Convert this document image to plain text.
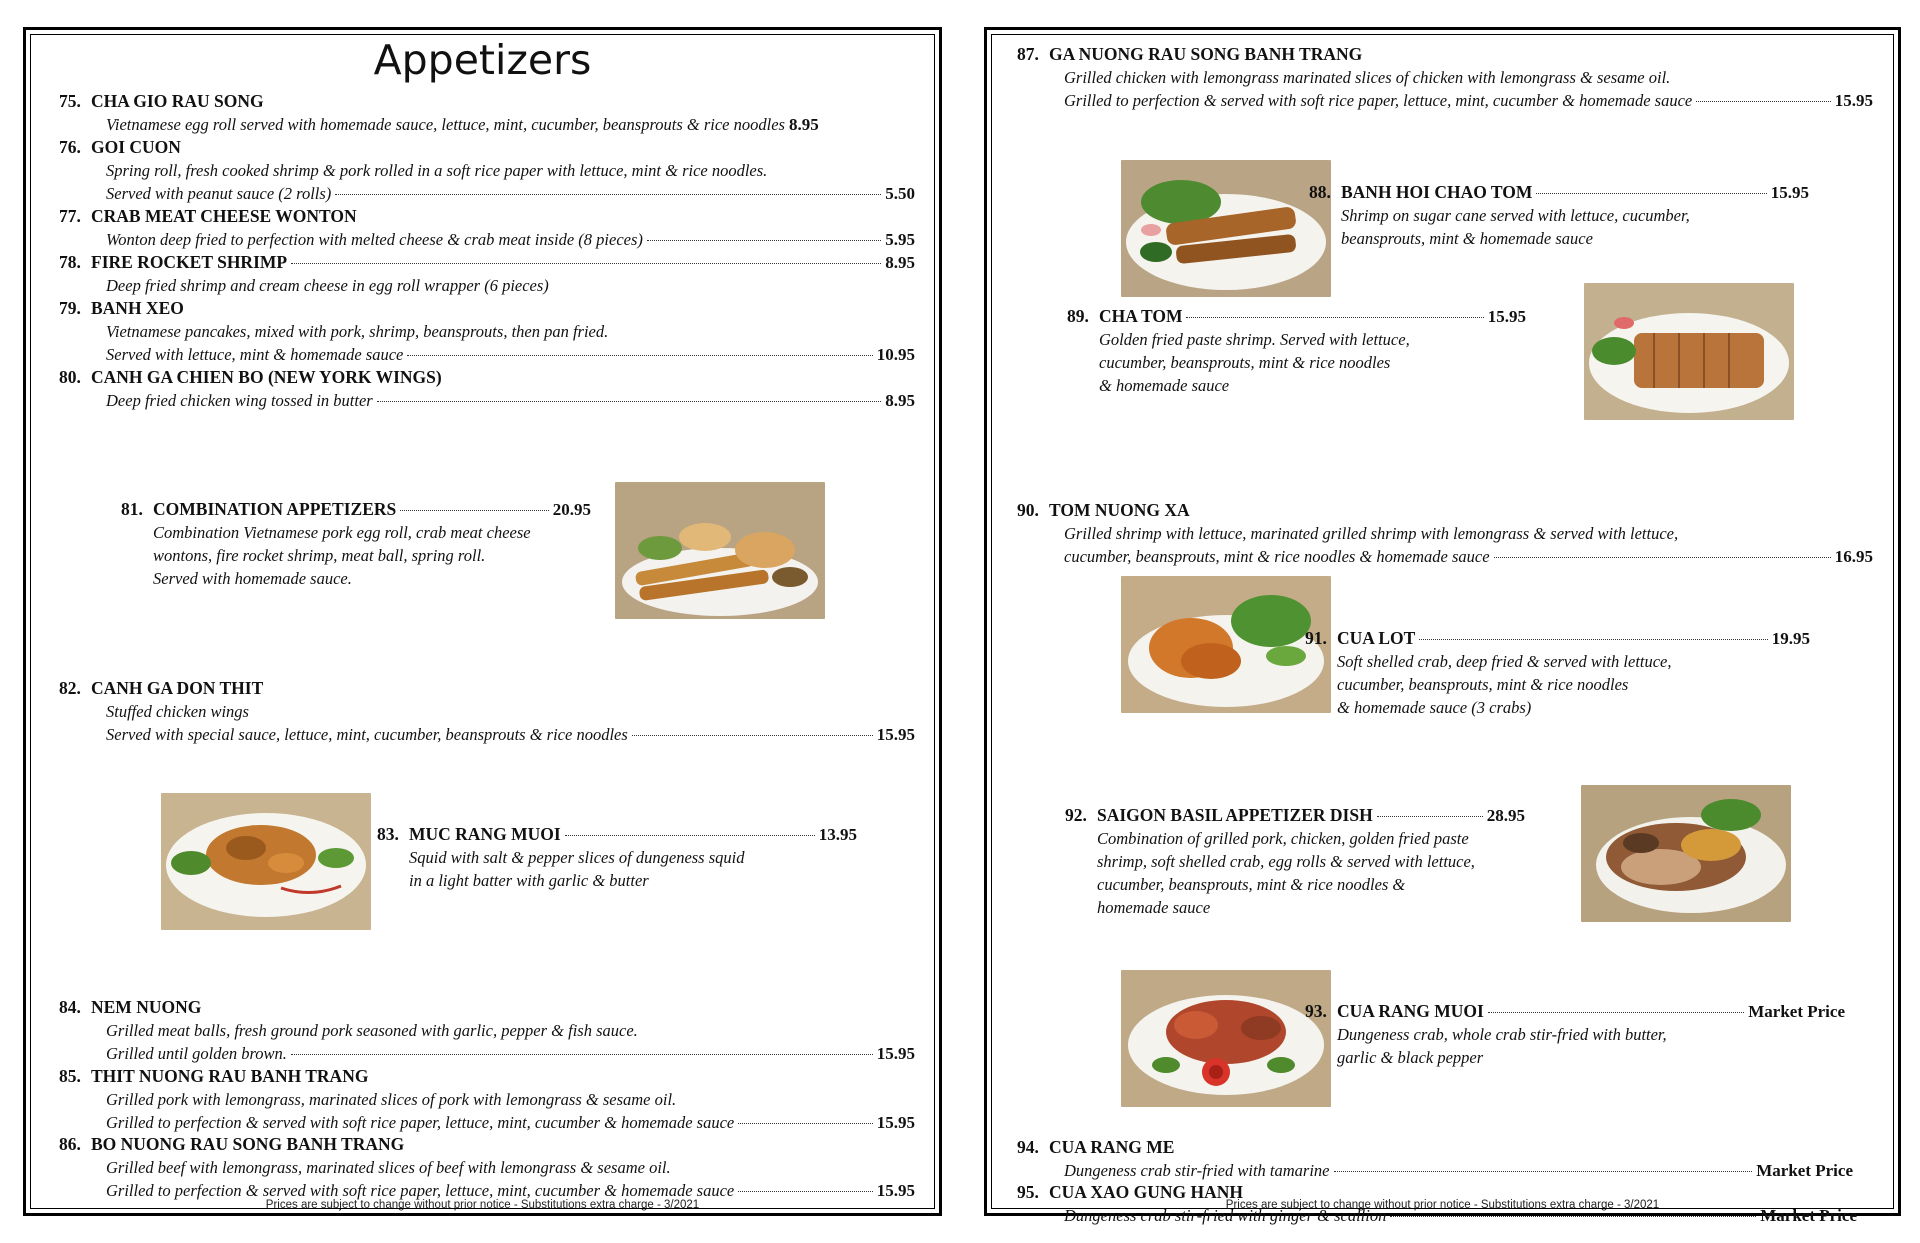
Appetizers
75. CHA GIO RAU SONG
Vietnamese egg roll served with homemade sauce, lettuce, mint, cucumber, beansprouts & rice noodles 8.95
76. GOI CUON
Spring roll, fresh cooked shrimp & pork rolled in a soft rice paper with lettuce, mint & rice noodles.
Served with peanut sauce (2 rolls)	5.50
77. CRAB MEAT CHEESE WONTON
Wonton deep fried to perfection with melted cheese & crab meat inside (8 pieces)	5.95
78. FIRE ROCKET SHRIMP	8.95
Deep fried shrimp and cream cheese in egg roll wrapper (6 pieces)
79. BANH XEO
Vietnamese pancakes, mixed with pork, shrimp, beansprouts, then pan fried.
Served with lettuce, mint & homemade sauce	10.95
80. CANH GA CHIEN BO (NEW YORK WINGS)
Deep fried chicken wing tossed in butter	8.95
81. COMBINATION APPETIZERS	20.95
Combination Vietnamese pork egg roll, crab meat cheese
wontons, fire rocket shrimp, meat ball, spring roll.
Served with homemade sauce.
82. CANH GA DON THIT
Stuffed chicken wings
Served with special sauce, lettuce, mint, cucumber, beansprouts & rice noodles	15.95
83. MUC RANG MUOI	13.95
Squid with salt & pepper slices of dungeness squid
in a light batter with garlic & butter
84. NEM NUONG
Grilled meat balls, fresh ground pork seasoned with garlic, pepper & fish sauce.
Grilled until golden brown.	15.95
85. THIT NUONG RAU BANH TRANG
Grilled pork with lemongrass, marinated slices of pork with lemongrass & sesame oil.
Grilled to perfection & served with soft rice paper, lettuce, mint, cucumber & homemade sauce	15.95
86. BO NUONG RAU SONG BANH TRANG
Grilled beef with lemongrass, marinated slices of beef with lemongrass & sesame oil.
Grilled to perfection & served with soft rice paper, lettuce, mint, cucumber & homemade sauce	15.95
Prices are subject to change without prior notice - Substitutions extra charge - 3/2021
87. GA NUONG RAU SONG BANH TRANG
Grilled chicken with lemongrass marinated slices of chicken with lemongrass & sesame oil.
Grilled to perfection & served with soft rice paper, lettuce, mint, cucumber & homemade sauce	15.95
88. BANH HOI CHAO TOM	15.95
Shrimp on sugar cane served with lettuce, cucumber,
beansprouts, mint & homemade sauce
89. CHA TOM	15.95
Golden fried paste shrimp. Served with lettuce,
cucumber, beansprouts, mint & rice noodles
& homemade sauce
90. TOM NUONG XA
Grilled shrimp with lettuce, marinated grilled shrimp with lemongrass & served with lettuce,
cucumber, beansprouts, mint & rice noodles & homemade sauce	16.95
91. CUA LOT	19.95
Soft shelled crab, deep fried & served with lettuce,
cucumber, beansprouts, mint & rice noodles
& homemade sauce (3 crabs)
92. SAIGON BASIL APPETIZER DISH	28.95
Combination of grilled pork, chicken, golden fried paste
shrimp, soft shelled crab, egg rolls & served with lettuce,
cucumber, beansprouts, mint & rice noodles &
homemade sauce
93. CUA RANG MUOI	Market Price
Dungeness crab, whole crab stir-fried with butter,
garlic & black pepper
94. CUA RANG ME
Dungeness crab stir-fried with tamarine	Market Price
95. CUA XAO GUNG HANH
Dungeness crab stir-fried with ginger & scallion	Market Price
Prices are subject to change without prior notice - Substitutions extra charge - 3/2021
